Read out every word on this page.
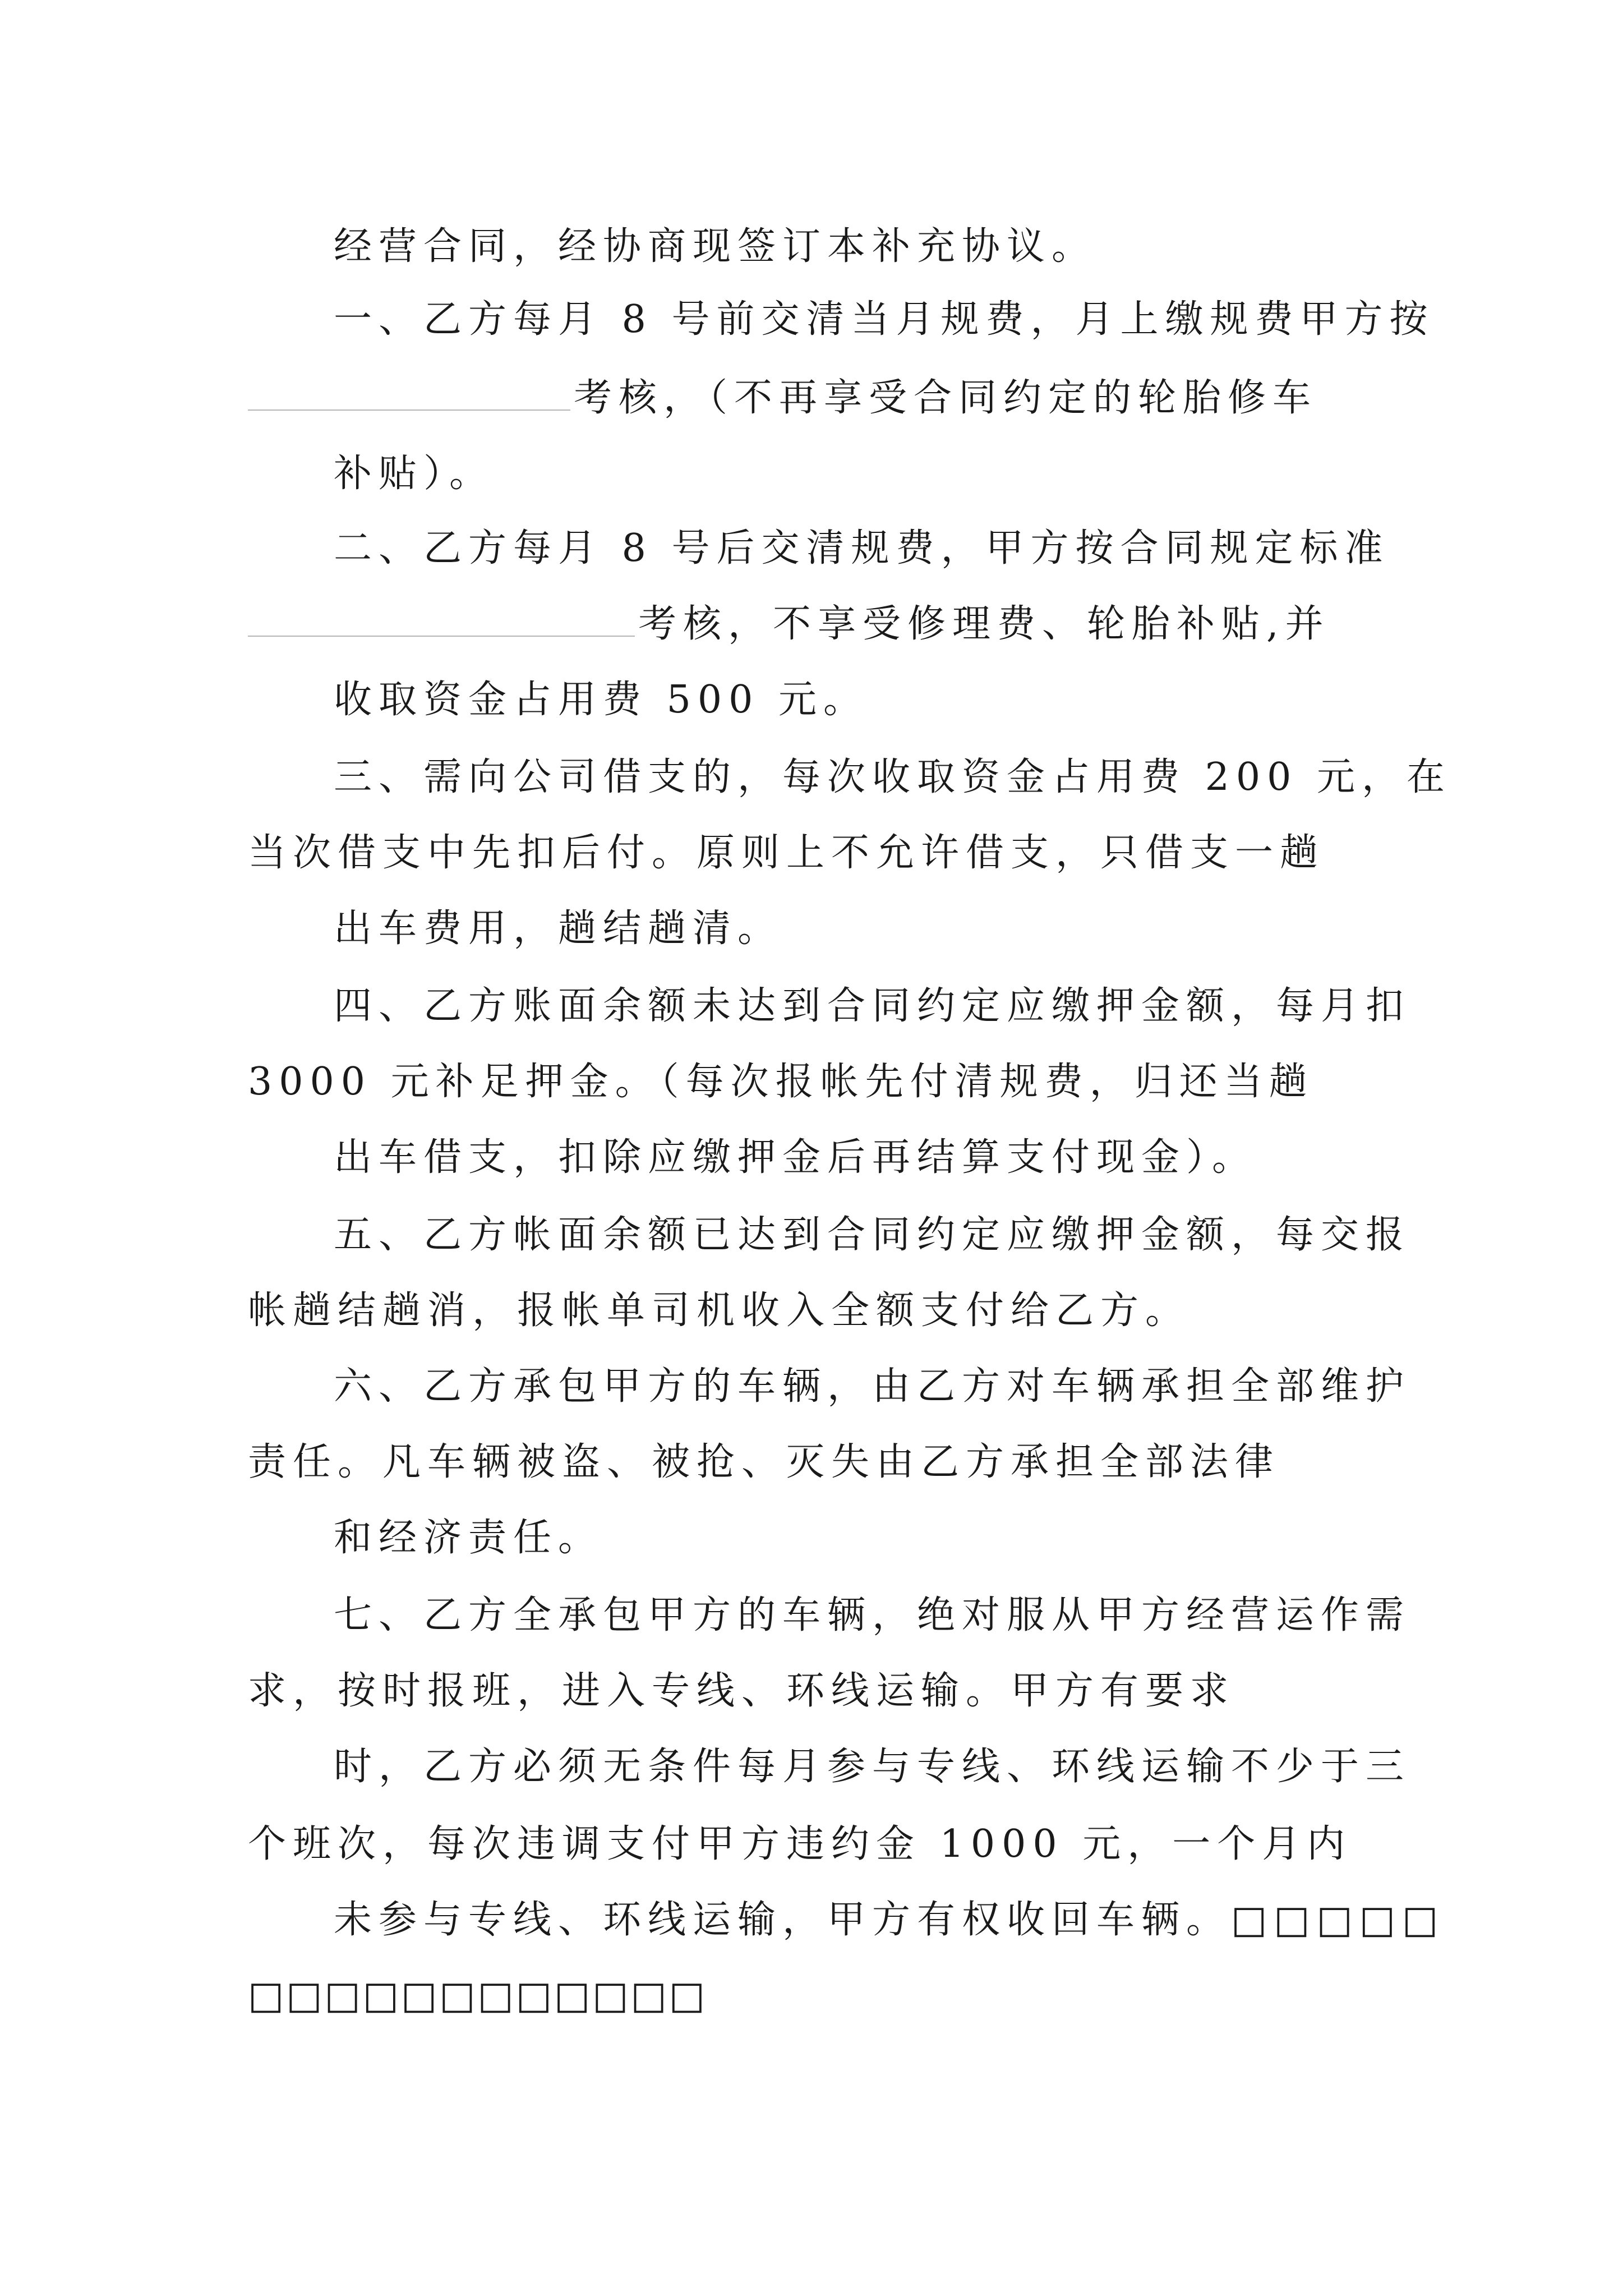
经营合同，经协商现签订本补充协议。
一、乙方每月 8 号前交清当月规费，月上缴规费甲方按
考核，（不再享受合同约定的轮胎修车
补贴）。
二、乙方每月 8 号后交清规费，甲方按合同规定标准
考核，不享受修理费、轮胎补贴,并
收取资金占用费 500 元。
三、需向公司借支的，每次收取资金占用费 200 元，在
当次借支中先扣后付。原则上不允许借支，只借支一趟
出车费用，趟结趟清。
四、乙方账面余额未达到合同约定应缴押金额，每月扣
3000 元补足押金。（每次报帐先付清规费，归还当趟
出车借支，扣除应缴押金后再结算支付现金）。
五、乙方帐面余额已达到合同约定应缴押金额，每交报
帐趟结趟消，报帐单司机收入全额支付给乙方。
六、乙方承包甲方的车辆，由乙方对车辆承担全部维护
责任。凡车辆被盗、被抢、灭失由乙方承担全部法律
和经济责任。
七、乙方全承包甲方的车辆，绝对服从甲方经营运作需
求，按时报班，进入专线、环线运输。甲方有要求
时，乙方必须无条件每月参与专线、环线运输不少于三
个班次，每次违调支付甲方违约金 1000 元，一个月内
未参与专线、环线运输，甲方有权收回车辆。□□□□□
□□□□□□□□□□□□
